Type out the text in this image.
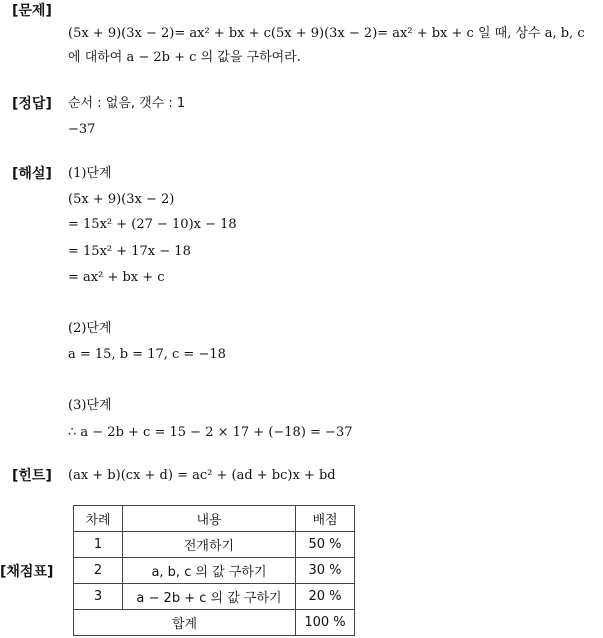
[문제]
(5x + 9)(3x − 2)= ax² + bx + c(5x + 9)(3x − 2)= ax² + bx + c 일 때, 상수 a, b, c
에 대하여 a − 2b + c 의 값을 구하여라.
[정답] 순서 : 없음, 갯수 : 1
−37
[해설] (1)단계
(5x + 9)(3x − 2)
= 15x² + (27 − 10)x − 18
= 15x² + 17x − 18
= ax² + bx + c
(2)단계
a = 15, b = 17, c = −18
(3)단계
∴ a − 2b + c = 15 − 2 × 17 + (−18) = −37
[힌트] (ax + b)(cx + d) = ac² + (ad + bc)x + bd
[채점표]
차례	내용	배점
1	전개하기	50 %
2	a, b, c 의 값 구하기	30 %
3	a − 2b + c 의 값 구하기	20 %
합계		100 %
